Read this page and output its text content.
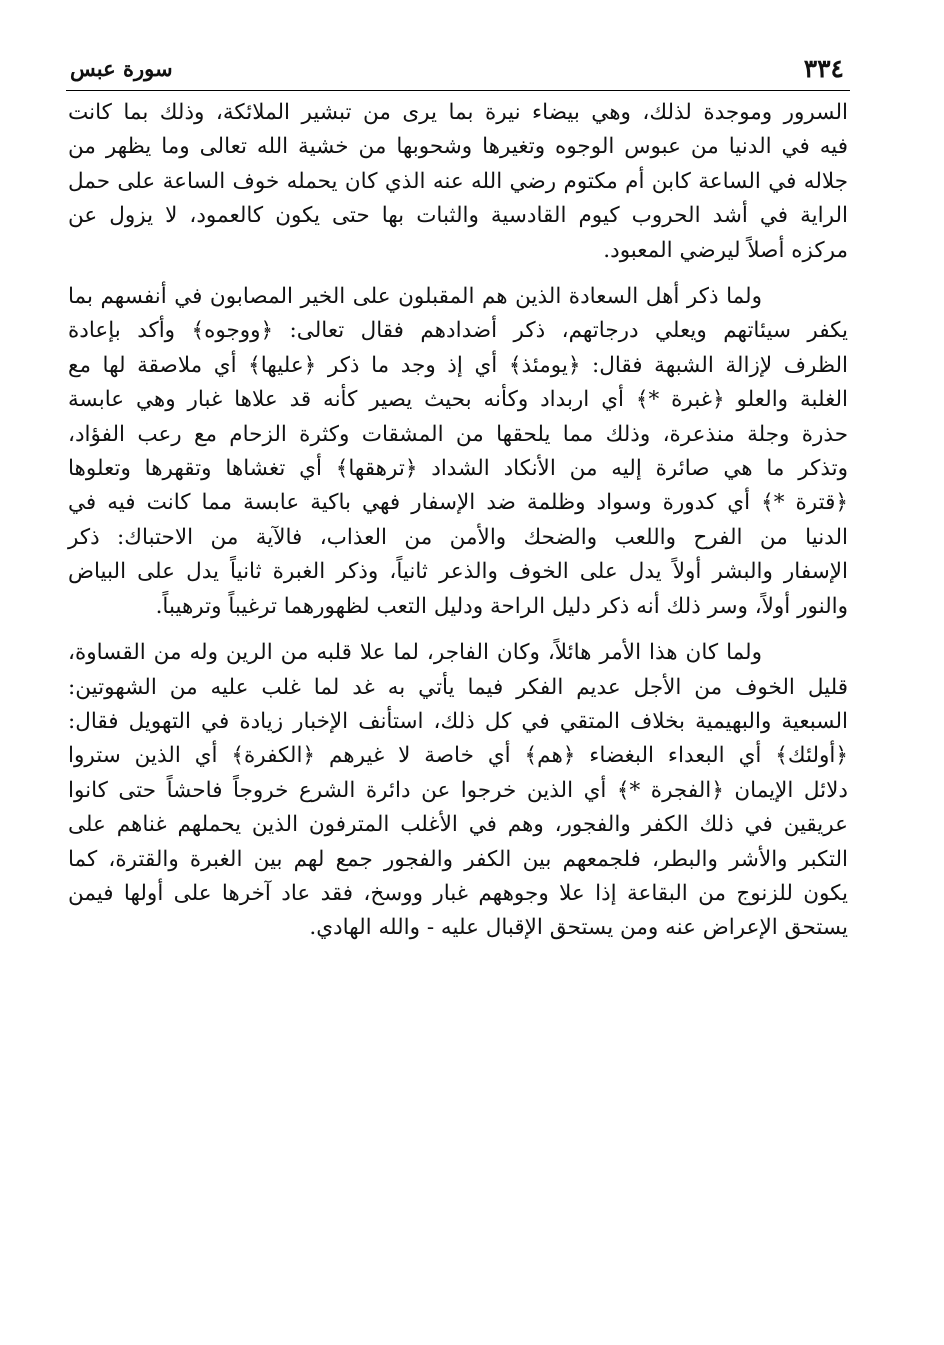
٣٣٤
سورة عبس

السرور وموجدة لذلك، وهي بيضاء نيرة بما يرى من تبشير الملائكة، وذلك بما كانت
فيه في الدنيا من عبوس الوجوه وتغيرها وشحوبها من خشية الله تعالى وما يظهر من
جلاله في الساعة كابن أم مكتوم رضي الله عنه الذي كان يحمله خوف الساعة على حمل
الراية في أشد الحروب كيوم القادسية والثبات بها حتى يكون كالعمود، لا يزول عن
مركزه أصلاً ليرضي المعبود.

ولما ذكر أهل السعادة الذين هم المقبلون على الخير المصابون في أنفسهم بما
يكفر سيئاتهم ويعلي درجاتهم، ذكر أضدادهم فقال تعالى: ﴿ووجوه﴾ وأكد بإعادة
الظرف لإزالة الشبهة فقال: ﴿يومئذ﴾ أي إذ وجد ما ذكر ﴿عليها﴾ أي ملاصقة لها مع
الغلبة والعلو ﴿غبرة *﴾ أي اربداد وكأنه بحيث يصير كأنه قد علاها غبار وهي عابسة
حذرة وجلة منذعرة، وذلك مما يلحقها من المشقات وكثرة الزحام مع رعب الفؤاد،
وتذكر ما هي صائرة إليه من الأنكاد الشداد ﴿ترهقها﴾ أي تغشاها وتقهرها وتعلوها
﴿قترة *﴾ أي كدورة وسواد وظلمة ضد الإسفار فهي باكية عابسة مما كانت فيه في
الدنيا من الفرح واللعب والضحك والأمن من العذاب، فالآية من الاحتباك: ذكر
الإسفار والبشر أولاً يدل على الخوف والذعر ثانياً، وذكر الغبرة ثانياً يدل على البياض
والنور أولاً، وسر ذلك أنه ذكر دليل الراحة ودليل التعب لظهورهما ترغيباً وترهيباً.

ولما كان هذا الأمر هائلاً، وكان الفاجر، لما علا قلبه من الرين وله من القساوة،
قليل الخوف من الأجل عديم الفكر فيما يأتي به غد لما غلب عليه من الشهوتين:
السبعية والبهيمية بخلاف المتقي في كل ذلك، استأنف الإخبار زيادة في التهويل فقال:
﴿أولئك﴾ أي البعداء البغضاء ﴿هم﴾ أي خاصة لا غيرهم ﴿الكفرة﴾ أي الذين ستروا
دلائل الإيمان ﴿الفجرة *﴾ أي الذين خرجوا عن دائرة الشرع خروجاً فاحشاً حتى كانوا
عريقين في ذلك الكفر والفجور، وهم في الأغلب المترفون الذين يحملهم غناهم على
التكبر والأشر والبطر، فلجمعهم بين الكفر والفجور جمع لهم بين الغبرة والقترة، كما
يكون للزنوج من البقاعة إذا علا وجوههم غبار ووسخ، فقد عاد آخرها على أولها فيمن
يستحق الإعراض عنه ومن يستحق الإقبال عليه - والله الهادي.
